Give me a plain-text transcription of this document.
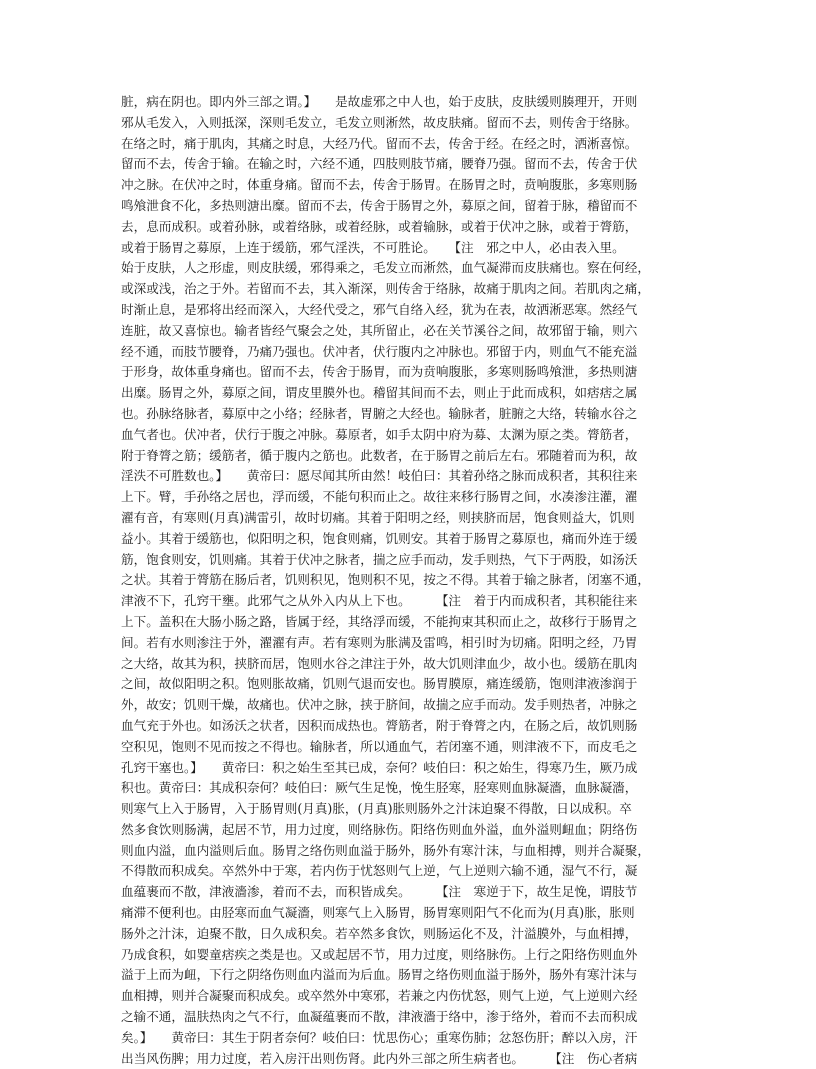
脏，病在阴也。即内外三部之谓。】　　是故虚邪之中人也，始于皮肤，皮肤缓则腠理开，开则
邪从毛发入，入则抵深，深则毛发立，毛发立则淅然，故皮肤痛。留而不去，则传舍于络脉。
在络之时，痛于肌肉，其痛之时息，大经乃代。留而不去，传舍于经。在经之时，洒淅喜惊。
留而不去，传舍于输。在输之时，六经不通，四肢则肢节痛，腰脊乃强。留而不去，传舍于伏
冲之脉。在伏冲之时，体重身痛。留而不去，传舍于肠胃。在肠胃之时，贲响腹胀，多寒则肠
鸣飧泄食不化，多热则溏出糜。留而不去，传舍于肠胃之外，募原之间，留着于脉，稽留而不
去，息而成积。或着孙脉，或着络脉，或着经脉，或着输脉，或着于伏冲之脉，或着于膂筋，
或着于肠胃之募原，上连于缓筋，邪气淫泆，不可胜论。　　【注　邪之中人，必由表入里。
始于皮肤，人之形虚，则皮肤缓，邪得乘之，毛发立而淅然，血气凝滞而皮肤痛也。察在何经，
或深或浅，治之于外。若留而不去，其入渐深，则传舍于络脉，故痛于肌肉之间。若肌肉之痛，
时渐止息，是邪将出经而深入，大经代受之，邪气自络入经，犹为在表，故洒淅恶寒。然经气
连脏，故又喜惊也。输者皆经气聚会之处，其所留止，必在关节溪谷之间，故邪留于输，则六
经不通，而肢节腰脊，乃痛乃强也。伏冲者，伏行腹内之冲脉也。邪留于内，则血气不能充溢
于形身，故体重身痛也。留而不去，传舍于肠胃，而为贲响腹胀，多寒则肠鸣飧泄，多热则溏
出糜。肠胃之外，募原之间，谓皮里膜外也。稽留其间而不去，则止于此而成积，如痞痞之属
也。孙脉络脉者，募原中之小络；经脉者，胃腑之大经也。输脉者，脏腑之大络，转输水谷之
血气者也。伏冲者，伏行于腹之冲脉。募原者，如手太阴中府为募、太渊为原之类。膂筋者，
附于脊膂之筋；缓筋者，循于腹内之筋也。此数者，在于肠胃之前后左右。邪随着而为积，故
淫泆不可胜数也。】　　黄帝曰：愿尽闻其所由然！岐伯曰：其着孙络之脉而成积者，其积往来
上下。臂，手孙络之居也，浮而缓，不能句积而止之。故往来移行肠胃之间，水凑渗注灌，濯
濯有音，有寒则(月真)满雷引，故时切痛。其着于阳明之经，则挟脐而居，饱食则益大，饥则
益小。其着于缓筋也，似阳明之积，饱食则痛，饥则安。其着于肠胃之募原也，痛而外连于缓
筋，饱食则安，饥则痛。其着于伏冲之脉者，揣之应手而动，发手则热，气下于两股，如汤沃
之状。其着于膂筋在肠后者，饥则积见，饱则积不见，按之不得。其着于输之脉者，闭塞不通，
津液不下，孔窍干壅。此邪气之从外入内从上下也。　　　【注　着于内而成积者，其积能往来
上下。盖积在大肠小肠之路，皆属于经，其络浮而缓，不能拘束其积而止之，故移行于肠胃之
间。若有水则渗注于外，濯濯有声。若有寒则为胀满及雷鸣，相引时为切痛。阳明之经，乃胃
之大络，故其为积，挟脐而居，饱则水谷之津注于外，故大饥则津血少，故小也。缓筋在肌肉
之间，故似阳明之积。饱则胀故痛，饥则气退而安也。肠胃膜原，痛连缓筋，饱则津液渗润于
外，故安；饥则干燥，故痛也。伏冲之脉，挟于脐间，故揣之应手而动。发手则热者，冲脉之
血气充于外也。如汤沃之状者，因积而成热也。膂筋者，附于脊膂之内，在肠之后，故饥则肠
空积见，饱则不见而按之不得也。输脉者，所以通血气，若闭塞不通，则津液不下，而皮毛之
孔窍干塞也。】　　黄帝曰：积之始生至其已成，奈何？岐伯曰：积之始生，得寒乃生，厥乃成
积也。黄帝曰：其成积奈何？岐伯曰：厥气生足悗，悗生胫寒，胫寒则血脉凝濇，血脉凝濇，
则寒气上入于肠胃，入于肠胃则(月真)胀，(月真)胀则肠外之汁沫迫聚不得散，日以成积。卒
然多食饮则肠满，起居不节，用力过度，则络脉伤。阳络伤则血外溢，血外溢则衄血；阴络伤
则血内溢，血内溢则后血。肠胃之络伤则血溢于肠外，肠外有寒汁沫，与血相搏，则并合凝聚，
不得散而积成矣。卒然外中于寒，若内伤于忧怒则气上逆，气上逆则六输不通，湿气不行，凝
血蕴裹而不散，津液濇渗，着而不去，而积皆成矣。　　　【注　寒逆于下，故生足悗，谓肢节
痛滞不便利也。由胫寒而血气凝濇，则寒气上入肠胃，肠胃寒则阳气不化而为(月真)胀，胀则
肠外之汁沫，迫聚不散，日久成积矣。若卒然多食饮，则肠运化不及，汁溢膜外，与血相搏，
乃成食积，如婴童痞疾之类是也。又或起居不节，用力过度，则络脉伤。上行之阳络伤则血外
溢于上而为衄，下行之阴络伤则血内溢而为后血。肠胃之络伤则血溢于肠外，肠外有寒汁沫与
血相搏，则并合凝聚而积成矣。或卒然外中寒邪，若兼之内伤忧怒，则气上逆，气上逆则六经
之输不通，温肤热肉之气不行，血凝蕴裹而不散，津液濇于络中，渗于络外，着而不去而积成
矣。】　　黄帝曰：其生于阴者奈何？岐伯曰：忧思伤心；重寒伤肺；忿怒伤肝；醉以入房，汗
出当风伤脾；用力过度，若入房汗出则伤肾。此内外三部之所生病者也。　　　【注　伤心者病
